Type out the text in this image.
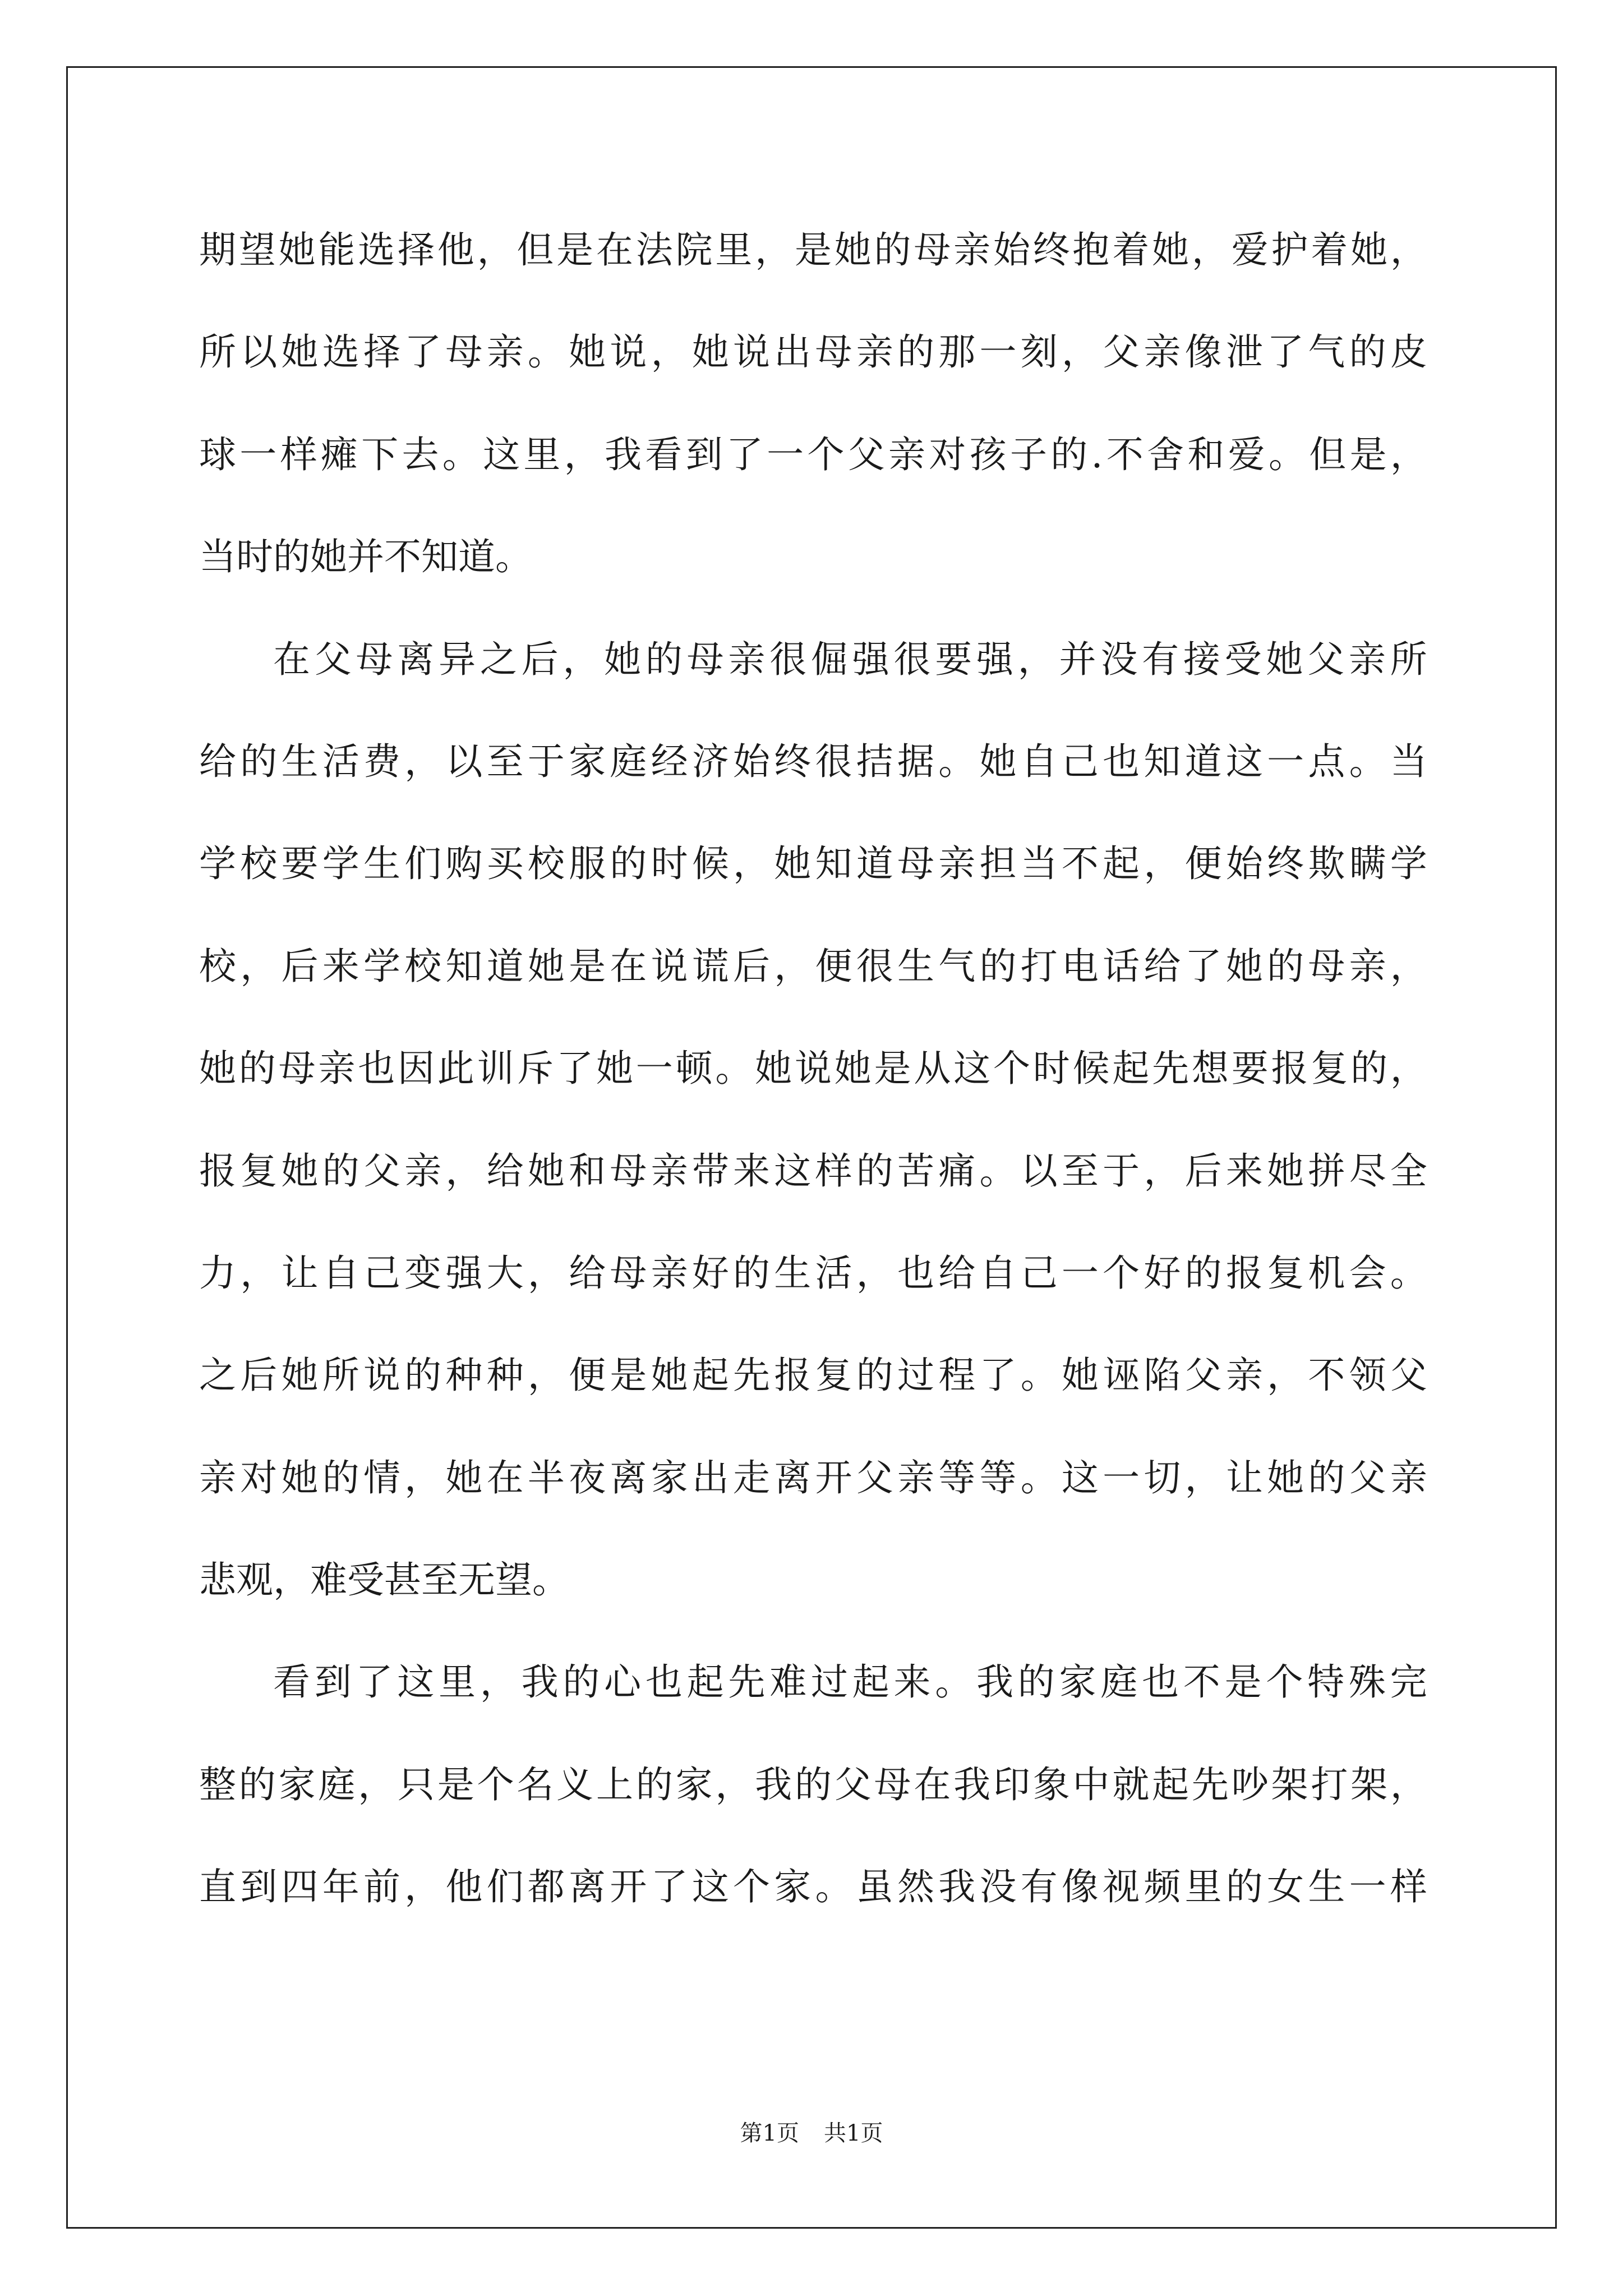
期 望 她 能 选 择 他 ， 但 是 在 法 院 里 ， 是 她 的 母 亲 始 终 抱 着 她 ， 爱 护 着 她 ，
所 以 她 选 择 了 母 亲 。 她 说 ， 她 说 出 母 亲 的 那 一 刻 ， 父 亲 像 泄 了 气 的 皮
球 一 样 瘫 下 去 。 这 里 ， 我 看 到 了 一 个 父 亲 对 孩 子 的 . 不 舍 和 爱 。 但 是 ，
当时的她并不知道。
在 父 母 离 异 之 后 ， 她 的 母 亲 很 倔 强 很 要 强 ， 并 没 有 接 受 她 父 亲 所
给 的 生 活 费 ， 以 至 于 家 庭 经 济 始 终 很 拮 据 。 她 自 己 也 知 道 这 一 点 。 当
学 校 要 学 生 们 购 买 校 服 的 时 候 ， 她 知 道 母 亲 担 当 不 起 ， 便 始 终 欺 瞒 学
校 ， 后 来 学 校 知 道 她 是 在 说 谎 后 ， 便 很 生 气 的 打 电 话 给 了 她 的 母 亲 ，
她 的 母 亲 也 因 此 训 斥 了 她 一 顿 。 她 说 她 是 从 这 个 时 候 起 先 想 要 报 复 的 ，
报 复 她 的 父 亲 ， 给 她 和 母 亲 带 来 这 样 的 苦 痛 。 以 至 于 ， 后 来 她 拼 尽 全
力 ， 让 自 己 变 强 大 ， 给 母 亲 好 的 生 活 ， 也 给 自 己 一 个 好 的 报 复 机 会 。
之 后 她 所 说 的 种 种 ， 便 是 她 起 先 报 复 的 过 程 了 。 她 诬 陷 父 亲 ， 不 领 父
亲 对 她 的 情 ， 她 在 半 夜 离 家 出 走 离 开 父 亲 等 等 。 这 一 切 ， 让 她 的 父 亲
悲观，难受甚至无望。
看 到 了 这 里 ， 我 的 心 也 起 先 难 过 起 来 。 我 的 家 庭 也 不 是 个 特 殊 完
整 的 家 庭 ， 只 是 个 名 义 上 的 家 ， 我 的 父 母 在 我 印 象 中 就 起 先 吵 架 打 架 ，
直 到 四 年 前 ， 他 们 都 离 开 了 这 个 家 。 虽 然 我 没 有 像 视 频 里 的 女 生 一 样
第1页 共1页
